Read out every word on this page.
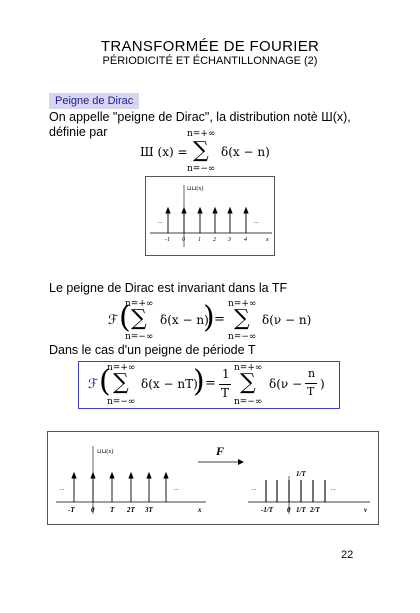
TRANSFORMÉE DE FOURIER
PÉRIODICITÉ ET ÉCHANTILLONNAGE (2)
Peigne de Dirac
On appelle "peigne de Dirac", la distribution notè Ш(x),
définie par
Ш (x) =
n=+∞
∑
n=−∞
δ(x − n)
⊔⊔(x)
...	...
-1 0 1 2 3 4	x
Le peigne de Dirac est invariant dans la TF
ℱ (
n=+∞
∑
n=−∞
δ(x − n)
) =
n=+∞
∑
n=−∞
δ(ν − n)
Dans le cas d'un peigne de période T
ℱ (
n=+∞
∑
n=−∞
δ(x − nT)
) =
1
T
n=+∞
∑
n=−∞
δ(ν −
n
T
)
⊔⊔(x)	F
1/T
...	...	...	...
-T 0 T 2T 3T	x	-1/T 0 1/T 2/T	ν
22
